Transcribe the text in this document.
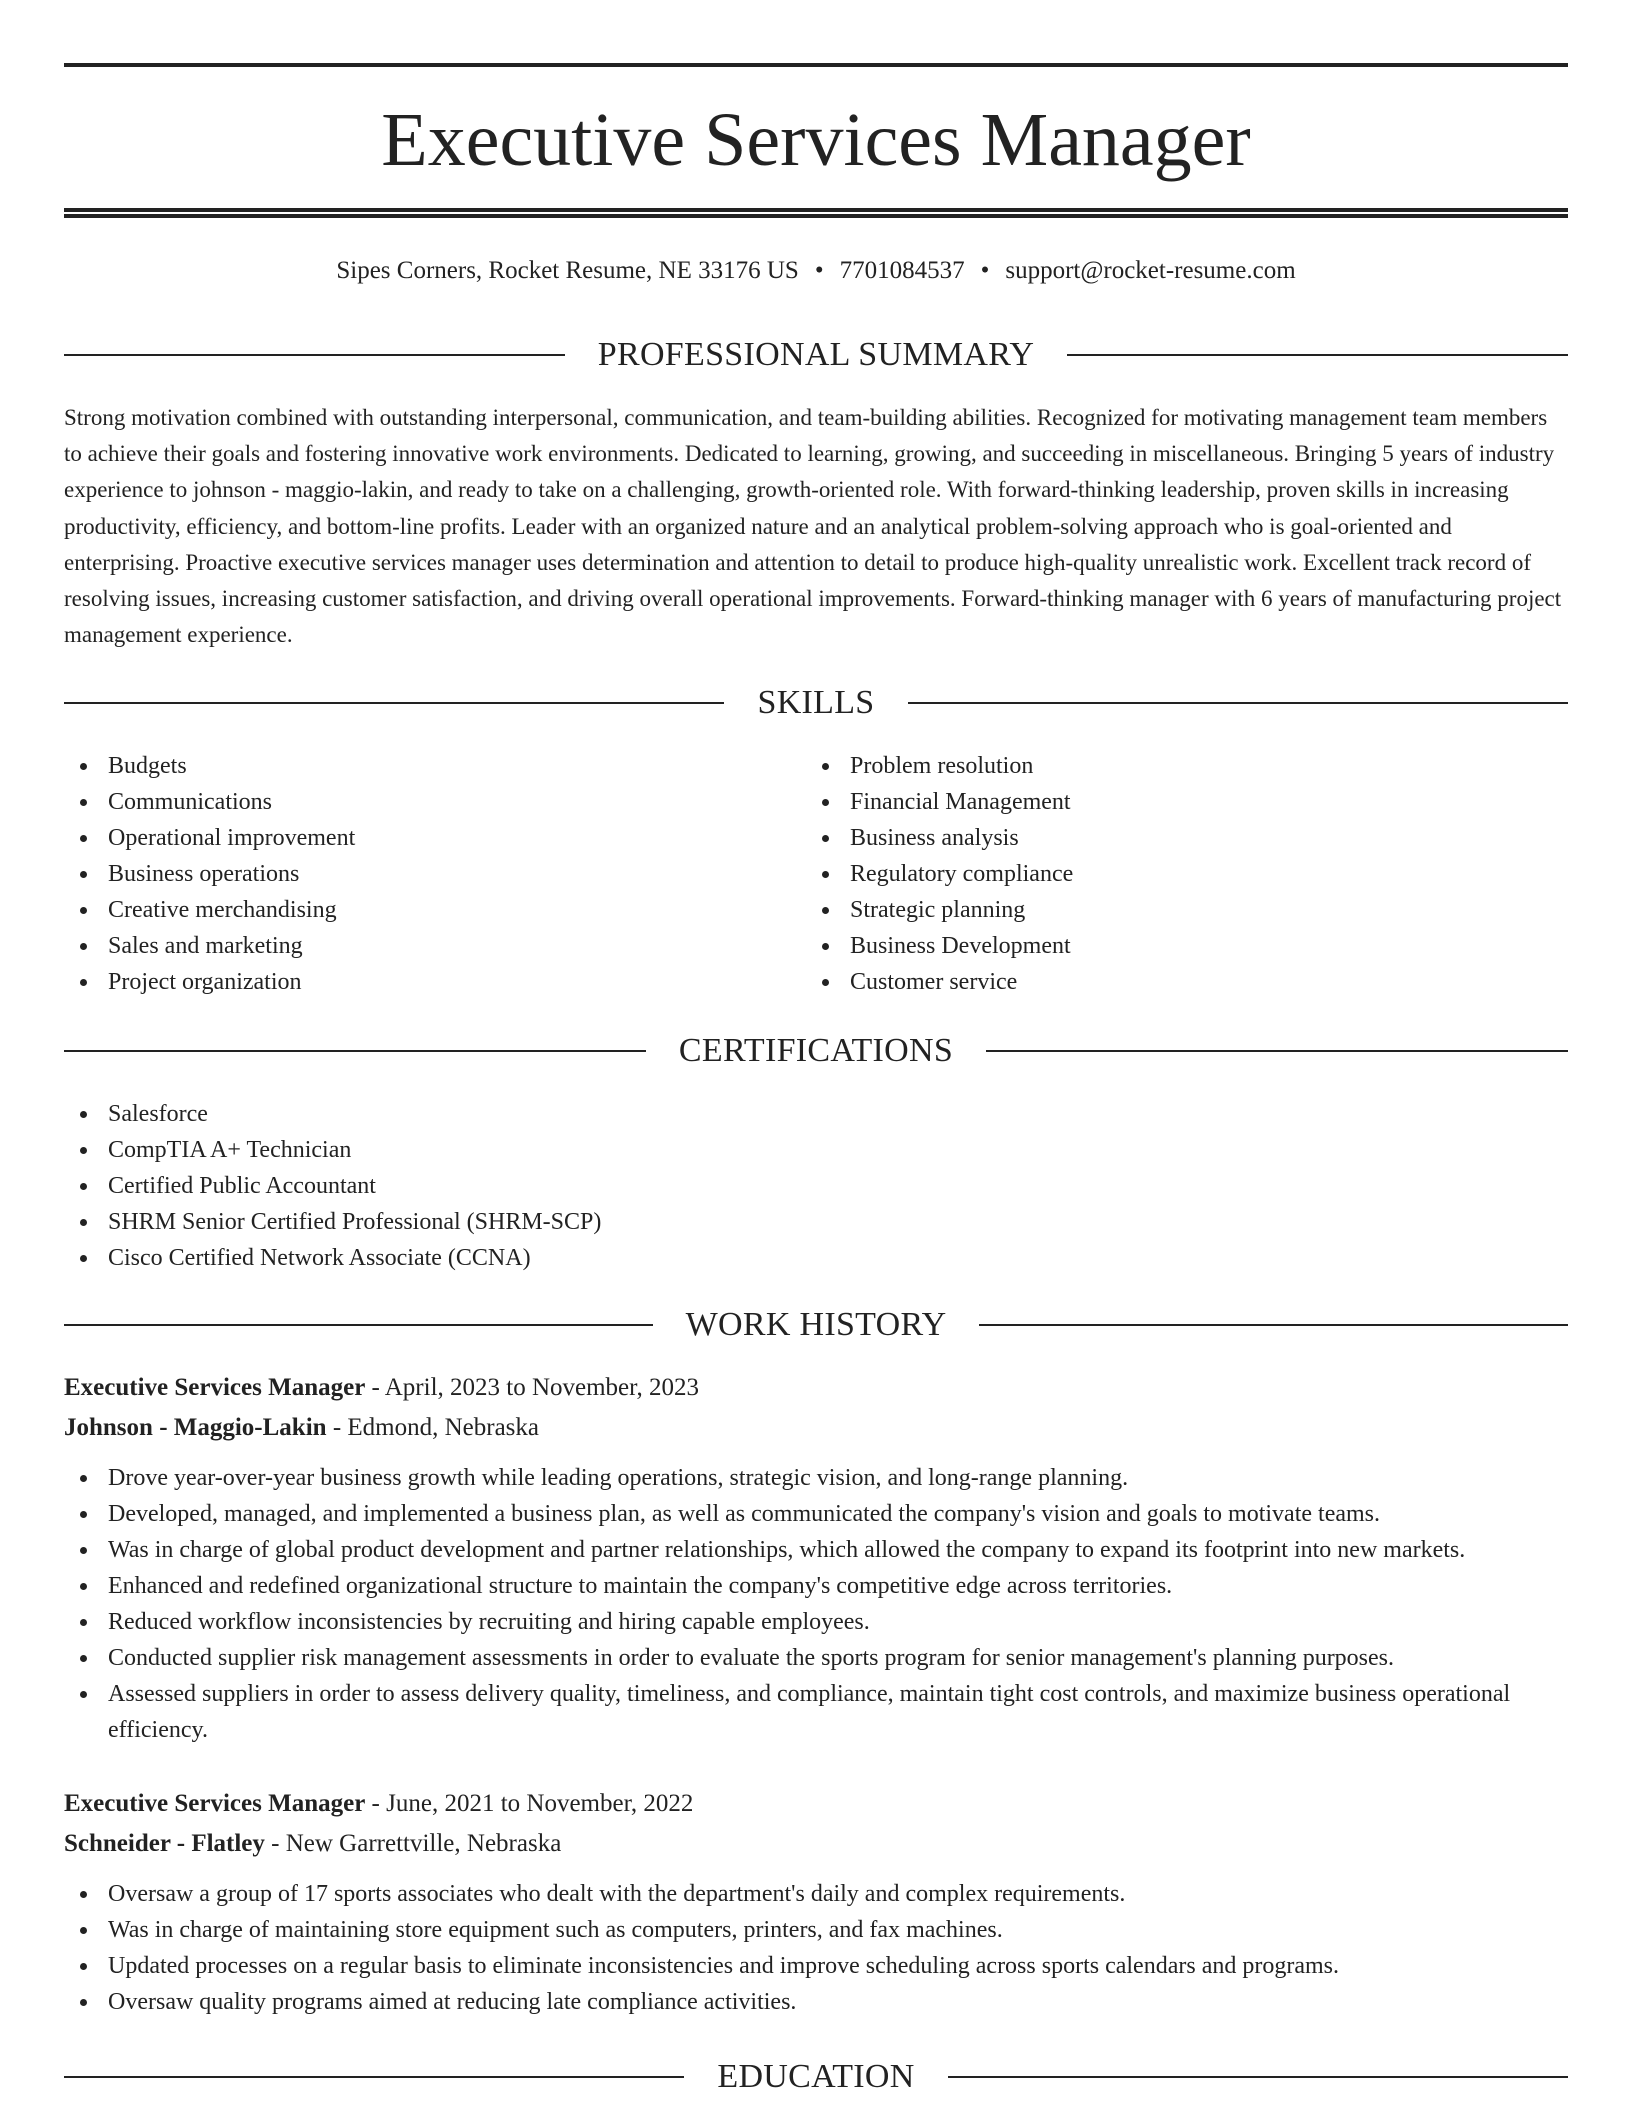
Executive Services Manager
Sipes Corners, Rocket Resume, NE 33176 US • 7701084537 • support@rocket-resume.com
PROFESSIONAL SUMMARY

Strong motivation combined with outstanding interpersonal, communication, and team-building abilities. Recognized for motivating management team members to achieve their goals and fostering innovative work environments. Dedicated to learning, growing, and succeeding in miscellaneous. Bringing 5 years of industry experience to johnson - maggio-lakin, and ready to take on a challenging, growth-oriented role. With forward-thinking leadership, proven skills in increasing productivity, efficiency, and bottom-line profits. Leader with an organized nature and an analytical problem-solving approach who is goal-oriented and enterprising. Proactive executive services manager uses determination and attention to detail to produce high-quality unrealistic work. Excellent track record of resolving issues, increasing customer satisfaction, and driving overall operational improvements. Forward-thinking manager with 6 years of manufacturing project management experience.

SKILLS
Budgets
Communications
Operational improvement
Business operations
Creative merchandising
Sales and marketing
Project organization
Problem resolution
Financial Management
Business analysis
Regulatory compliance
Strategic planning
Business Development
Customer service
CERTIFICATIONS
Salesforce
CompTIA A+ Technician
Certified Public Accountant
SHRM Senior Certified Professional (SHRM-SCP)
Cisco Certified Network Associate (CCNA)
WORK HISTORY
Executive Services Manager - April, 2023 to November, 2023
Johnson - Maggio-Lakin - Edmond, Nebraska
Drove year-over-year business growth while leading operations, strategic vision, and long-range planning.
Developed, managed, and implemented a business plan, as well as communicated the company's vision and goals to motivate teams.
Was in charge of global product development and partner relationships, which allowed the company to expand its footprint into new markets.
Enhanced and redefined organizational structure to maintain the company's competitive edge across territories.
Reduced workflow inconsistencies by recruiting and hiring capable employees.
Conducted supplier risk management assessments in order to evaluate the sports program for senior management's planning purposes.
Assessed suppliers in order to assess delivery quality, timeliness, and compliance, maintain tight cost controls, and maximize business operational efficiency.
Executive Services Manager - June, 2021 to November, 2022
Schneider - Flatley - New Garrettville, Nebraska
Oversaw a group of 17 sports associates who dealt with the department's daily and complex requirements.
Was in charge of maintaining store equipment such as computers, printers, and fax machines.
Updated processes on a regular basis to eliminate inconsistencies and improve scheduling across sports calendars and programs.
Oversaw quality programs aimed at reducing late compliance activities.
EDUCATION
